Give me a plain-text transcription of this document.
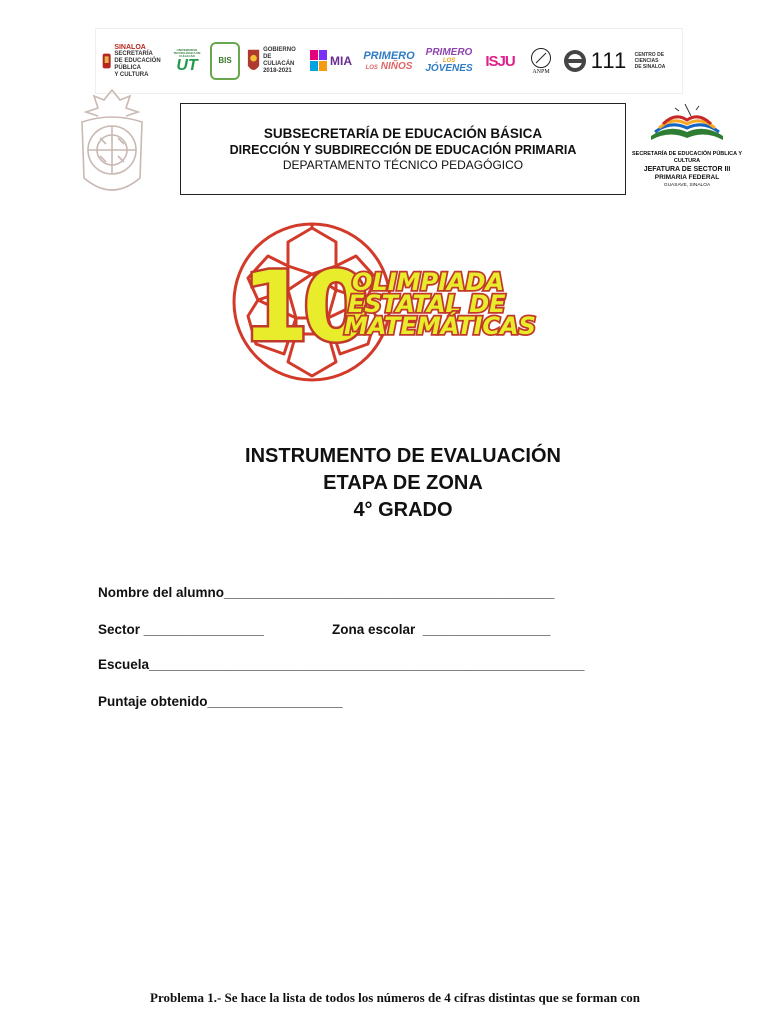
SINALOA
SECRETARÍA
DE EDUCACIÓN PÚBLICA
Y CULTURA
UNIVERSIDAD TECNOLÓGICA DE CULIACÁN
UT	BIS
GOBIERNO
DE CULIACÁN
2018-2021
MIA PRIMERO
LOS NIÑOS
PRIMERO
LOS
JÓVENES ISJU
ANPM 111 CENTRO DE
CIENCIAS
DE SINALOA
SUBSECRETARÍA DE EDUCACIÓN BÁSICA
DIRECCIÓN Y SUBDIRECCIÓN DE EDUCACIÓN PRIMARIA
DEPARTAMENTO TÉCNICO PEDAGÓGICO
SECRETARÍA DE EDUCACIÓN PÚBLICA Y CULTURA
JEFATURA DE SECTOR III
PRIMARIA FEDERAL
GUASAVE, SINALOA
10
OLIMPIADA
ESTATAL DE
MATEMÁTICAS
INSTRUMENTO DE EVALUACIÓN
ETAPA DE ZONA
4° GRADO
Nombre del alumno____________________________________________
Sector ________________	Zona escolar  _________________
Escuela__________________________________________________________
Puntaje obtenido__________________
Problema 1.- Se hace la lista de todos los números de 4 cifras distintas que se forman con
